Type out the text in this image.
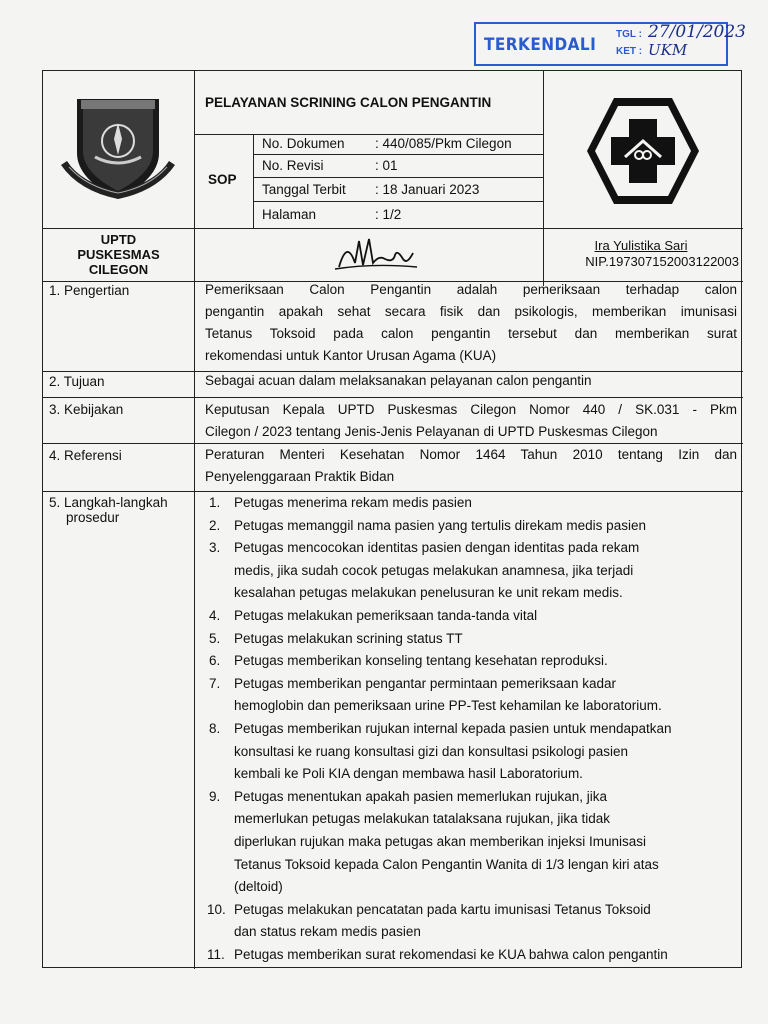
TERKENDALI
TGL : 27/01/2023
KET : UKM
PELAYANAN SCRINING CALON PENGANTIN
SOP
No. Dokumen : 440/085/Pkm Cilegon
No. Revisi	: 01
Tanggal Terbit : 18 Januari 2023
Halaman	: 1/2
UPTD
PUSKESMAS
CILEGON
Ira Yulistika Sari
NIP.197307152003122003
1. Pengertian
2. Tujuan
3. Kebijakan
4. Referensi
5. Langkah-langkah
prosedur
Pemeriksaan Calon Pengantin adalah pemeriksaan terhadap calon
pengantin apakah sehat secara fisik dan psikologis, memberikan imunisasi
Tetanus Toksoid pada calon pengantin tersebut dan memberikan surat
rekomendasi untuk Kantor Urusan Agama (KUA)
Sebagai acuan dalam melaksanakan pelayanan calon pengantin
Keputusan Kepala UPTD Puskesmas Cilegon Nomor 440 / SK.031 - Pkm
Cilegon / 2023 tentang Jenis-Jenis Pelayanan di UPTD Puskesmas Cilegon
Peraturan Menteri Kesehatan Nomor 1464 Tahun 2010 tentang Izin dan
Penyelenggaraan Praktik Bidan
1. Petugas menerima rekam medis pasien
2. Petugas memanggil nama pasien yang tertulis direkam medis pasien
3. Petugas mencocokan identitas pasien dengan identitas pada rekam
medis, jika sudah cocok petugas melakukan anamnesa, jika terjadi
kesalahan petugas melakukan penelusuran ke unit rekam medis.
4. Petugas melakukan pemeriksaan tanda-tanda vital
5. Petugas melakukan scrining status TT
6. Petugas memberikan konseling tentang kesehatan reproduksi.
7. Petugas memberikan pengantar permintaan pemeriksaan kadar
hemoglobin dan pemeriksaan urine PP-Test kehamilan ke laboratorium.
8. Petugas memberikan rujukan internal kepada pasien untuk mendapatkan
konsultasi ke ruang konsultasi gizi dan konsultasi psikologi pasien
kembali ke Poli KIA dengan membawa hasil Laboratorium.
9. Petugas menentukan apakah pasien memerlukan rujukan, jika
memerlukan petugas melakukan tatalaksana rujukan, jika tidak
diperlukan rujukan maka petugas akan memberikan injeksi Imunisasi
Tetanus Toksoid kepada Calon Pengantin Wanita di 1/3 lengan kiri atas
(deltoid)
10. Petugas melakukan pencatatan pada kartu imunisasi Tetanus Toksoid
dan status rekam medis pasien
11. Petugas memberikan surat rekomendasi ke KUA bahwa calon pengantin
